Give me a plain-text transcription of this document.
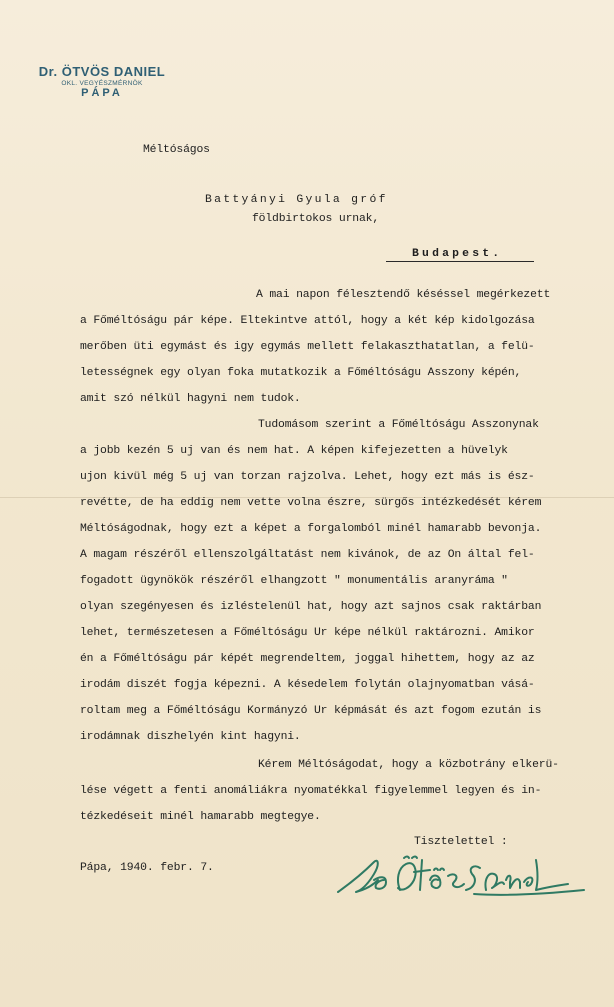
Dr. ÖTVÖS DANIEL
OKL. VEGYÉSZMÉRNÖK
PÁPA

Méltóságos

Battyányi Gyula gróf

földbirtokos urnak,

Budapest.

A mai napon félesztendő késéssel megérkezett

a Főméltóságu pár képe. Eltekintve attól, hogy a két kép kidolgozása

merőben üti egymást és igy egymás mellett felakaszthatatlan, a felü-

letességnek egy olyan foka mutatkozik a Főméltóságu Asszony képén,

amit szó nélkül hagyni nem tudok.

Tudomásom szerint a Főméltóságu Asszonynak

a jobb kezén 5 uj van és nem hat. A képen kifejezetten a hüvelyk

ujon kivül még 5 uj van torzan rajzolva. Lehet, hogy ezt más is ész-

revétte, de ha eddig nem vette volna észre, sürgős intézkedését kérem

Méltóságodnak, hogy ezt a képet a forgalomból minél hamarabb bevonja.

A magam részéről ellenszolgáltatást nem kivánok, de az On által fel-

fogadott ügynökök részéről elhangzott " monumentális aranyráma "

olyan szegényesen és izléstelenül hat, hogy azt sajnos csak raktárban

lehet, természetesen a Főméltóságu Ur képe nélkül raktározni. Amikor

én a Főméltóságu pár képét megrendeltem, joggal hihettem, hogy az az

irodám diszét fogja képezni. A késedelem folytán olajnyomatban vásá-

roltam meg a Főméltóságu Kormányzó Ur képmását és azt fogom ezután is

irodámnak diszhelyén kint hagyni.

Kérem Méltóságodat, hogy a közbotrány elkerü-

lése végett a fenti anomáliákra nyomatékkal figyelemmel legyen és in-

tézkedéseit minél hamarabb megtegye.

Tisztelettel :

Pápa, 1940. febr. 7.
